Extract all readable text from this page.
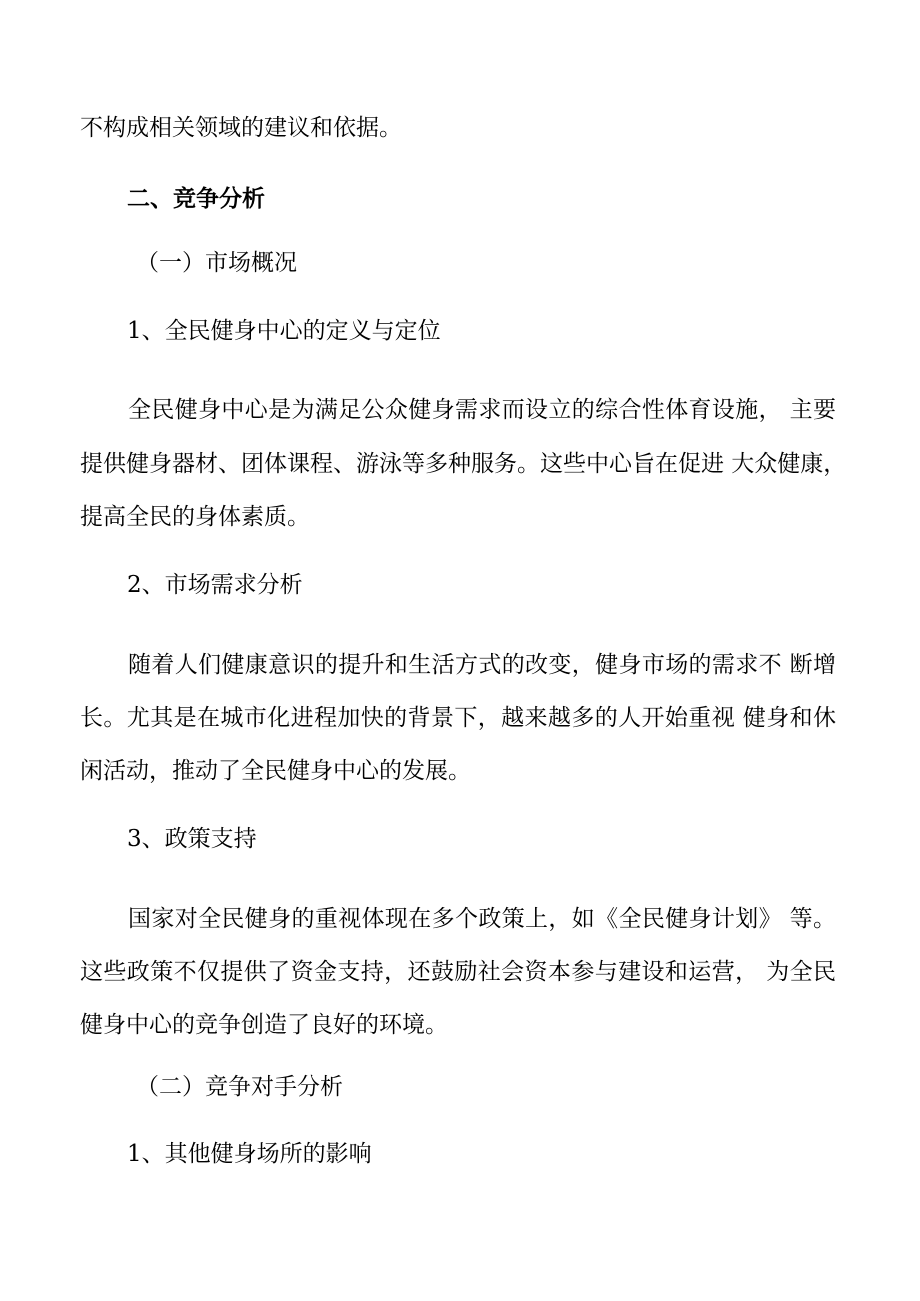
不构成相关领域的建议和依据。
二、竞争分析
（一）市场概况
1、全民健身中心的定义与定位
全民健身中心是为满足公众健身需求而设立的综合性体育设施， 主要
提供健身器材、团体课程、游泳等多种服务。这些中心旨在促进 大众健康，
提高全民的身体素质。
2、市场需求分析
随着人们健康意识的提升和生活方式的改变，健身市场的需求不 断增
长。尤其是在城市化进程加快的背景下，越来越多的人开始重视 健身和休
闲活动，推动了全民健身中心的发展。
3、政策支持
国家对全民健身的重视体现在多个政策上，如《全民健身计划》 等。
这些政策不仅提供了资金支持，还鼓励社会资本参与建设和运营， 为全民
健身中心的竞争创造了良好的环境。
（二）竞争对手分析
1、其他健身场所的影响
